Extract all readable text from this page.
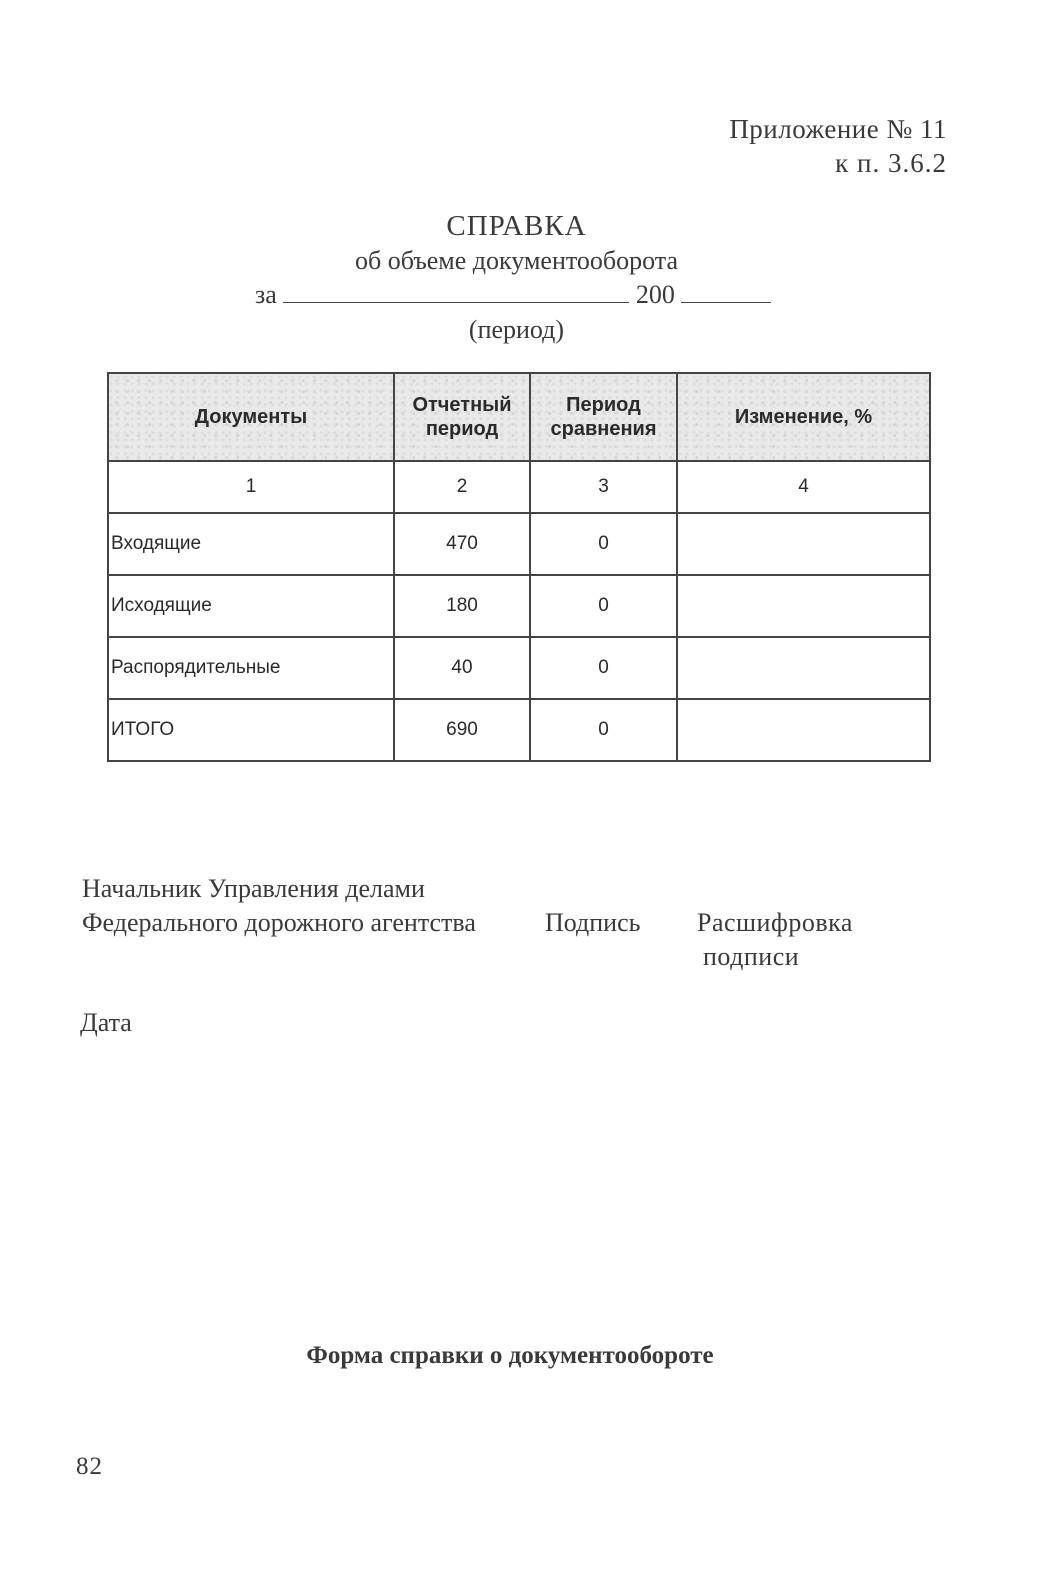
Приложение № 11
к п. 3.6.2
СПРАВКА
об объеме документооборота
за	200
(период)
Документы	Отчетный период	Период сравнения	Изменение, %
1	2	3	4
Входящие	470	0	
Исходящие	180	0	
Распорядительные	40	0	
ИТОГО	690	0	
Начальник Управления делами
Федерального дорожного агентства	Подпись Расшифровка
подписи
Дата
Форма справки о документообороте
82
